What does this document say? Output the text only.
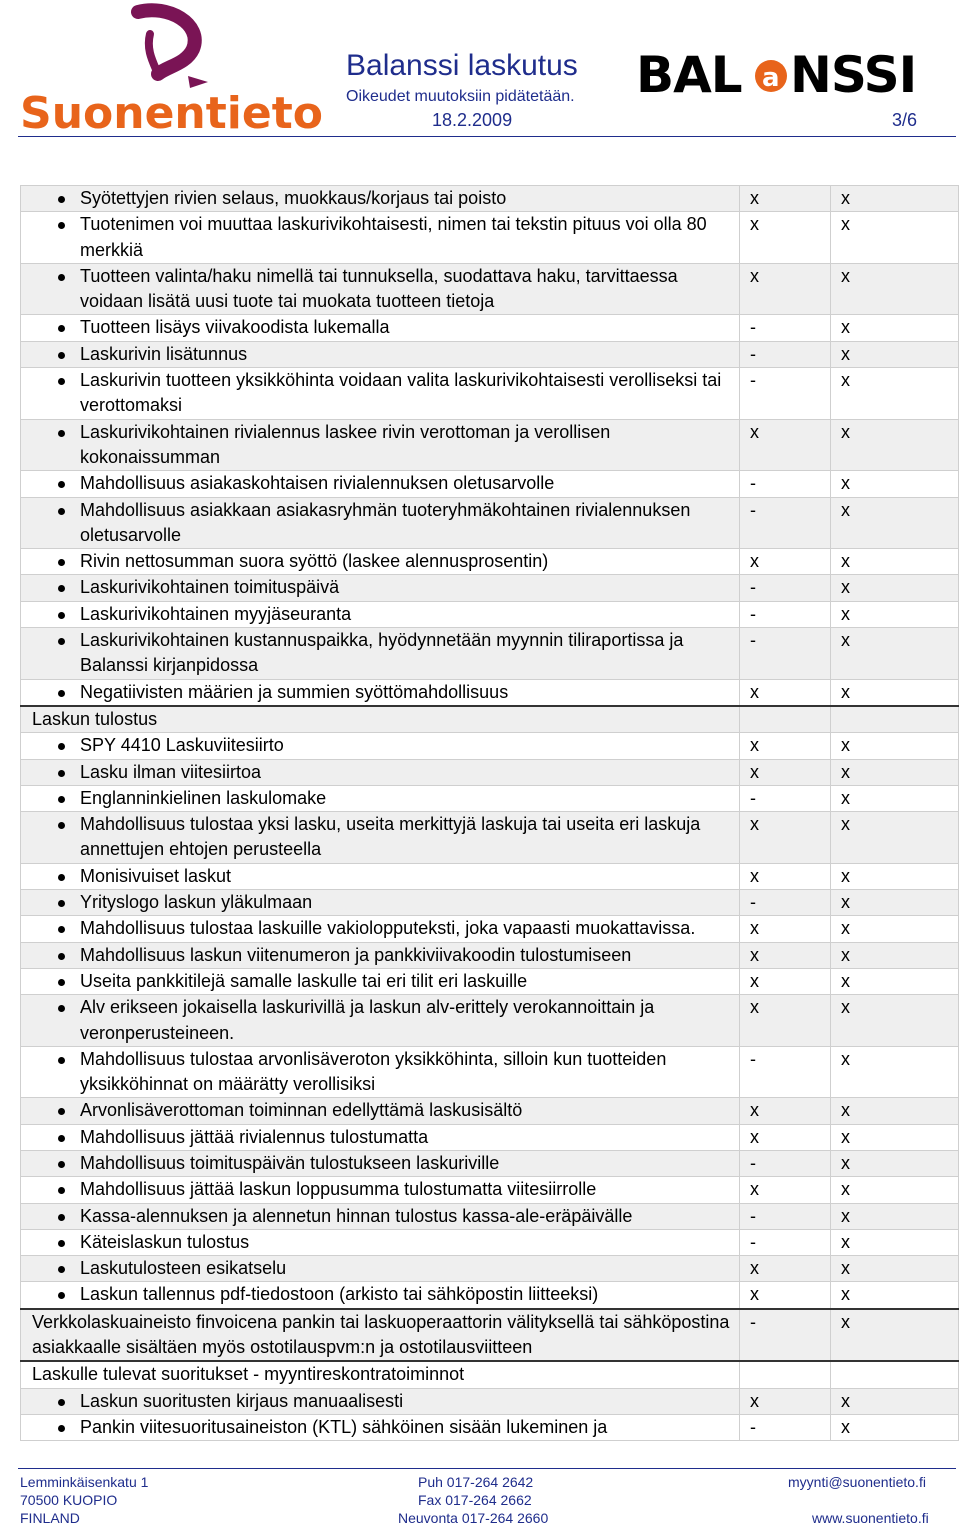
Suonentieto
Balanssi laskutus
Oikeudet muutoksiin pidätetään.
18.2.2009	3/6
BAL a NSSI
Syötettyjen rivien selaus, muokkaus/korjaus tai poisto	x	x

Tuotenimen voi muuttaa laskurivikohtaisesti, nimen tai tekstin pituus voi olla 80 merkkiä	x	x

Tuotteen valinta/haku nimellä tai tunnuksella, suodattava haku, tarvittaessa voidaan lisätä uusi tuote tai muokata tuotteen tietoja	x	x

Tuotteen lisäys viivakoodista lukemalla	-	x

Laskurivin lisätunnus	-	x

Laskurivin tuotteen yksikköhinta voidaan valita laskurivikohtaisesti verolliseksi tai verottomaksi	-	x

Laskurivikohtainen rivialennus laskee rivin verottoman ja verollisen kokonaissumman	x	x

Mahdollisuus asiakaskohtaisen rivialennuksen oletusarvolle	-	x

Mahdollisuus asiakkaan asiakasryhmän tuoteryhmäkohtainen rivialennuksen oletusarvolle	-	x

Rivin nettosumman suora syöttö (laskee alennusprosentin)	x	x

Laskurivikohtainen toimituspäivä	-	x

Laskurivikohtainen myyjäseuranta	-	x

Laskurivikohtainen kustannuspaikka, hyödynnetään myynnin tiliraportissa ja Balanssi kirjanpidossa	-	x

Negatiivisten määrien ja summien syöttömahdollisuus	x	x

Laskun tulostus		

SPY 4410 Laskuviitesiirto	x	x

Lasku ilman viitesiirtoa	x	x

Englanninkielinen laskulomake	-	x

Mahdollisuus tulostaa yksi lasku, useita merkittyjä laskuja tai useita eri laskuja annettujen ehtojen perusteella	x	x

Monisivuiset laskut	x	x

Yrityslogo laskun yläkulmaan	-	x

Mahdollisuus tulostaa laskuille vakiolopputeksti, joka vapaasti muokattavissa.	x	x

Mahdollisuus laskun viitenumeron ja pankkiviivakoodin tulostumiseen	x	x

Useita pankkitilejä samalle laskulle tai eri tilit eri laskuille	x	x

Alv erikseen jokaisella laskurivillä ja laskun alv-erittely verokannoittain ja veronperusteineen.	x	x

Mahdollisuus tulostaa arvonlisäveroton yksikköhinta, silloin kun tuotteiden yksikköhinnat on määrätty verollisiksi	-	x

Arvonlisäverottoman toiminnan edellyttämä laskusisältö	x	x

Mahdollisuus jättää rivialennus tulostumatta	x	x

Mahdollisuus toimituspäivän tulostukseen laskuriville	-	x

Mahdollisuus jättää laskun loppusumma tulostumatta viitesiirrolle	x	x

Kassa-alennuksen ja alennetun hinnan tulostus kassa-ale-eräpäivälle	-	x

Käteislaskun tulostus	-	x

Laskutulosteen esikatselu	x	x

Laskun tallennus pdf-tiedostoon (arkisto tai sähköpostin liitteeksi)	x	x

Verkkolaskuaineisto finvoicena pankin tai laskuoperaattorin välityksellä tai sähköpostina asiakkaalle sisältäen myös ostotilauspvm:n ja ostotilausviitteen	-	x

Laskulle tulevat suoritukset - myyntireskontratoiminnot		

Laskun suoritusten kirjaus manuaalisesti	x	x

Pankin viitesuoritusaineiston (KTL) sähköinen sisään lukeminen ja	-	x
Lemminkäisenkatu 1
70500 KUOPIO
FINLAND
Puh 017-264 2642
Fax 017-264 2662
Neuvonta 017-264 2660
myynti@suonentieto.fi
www.suonentieto.fi
